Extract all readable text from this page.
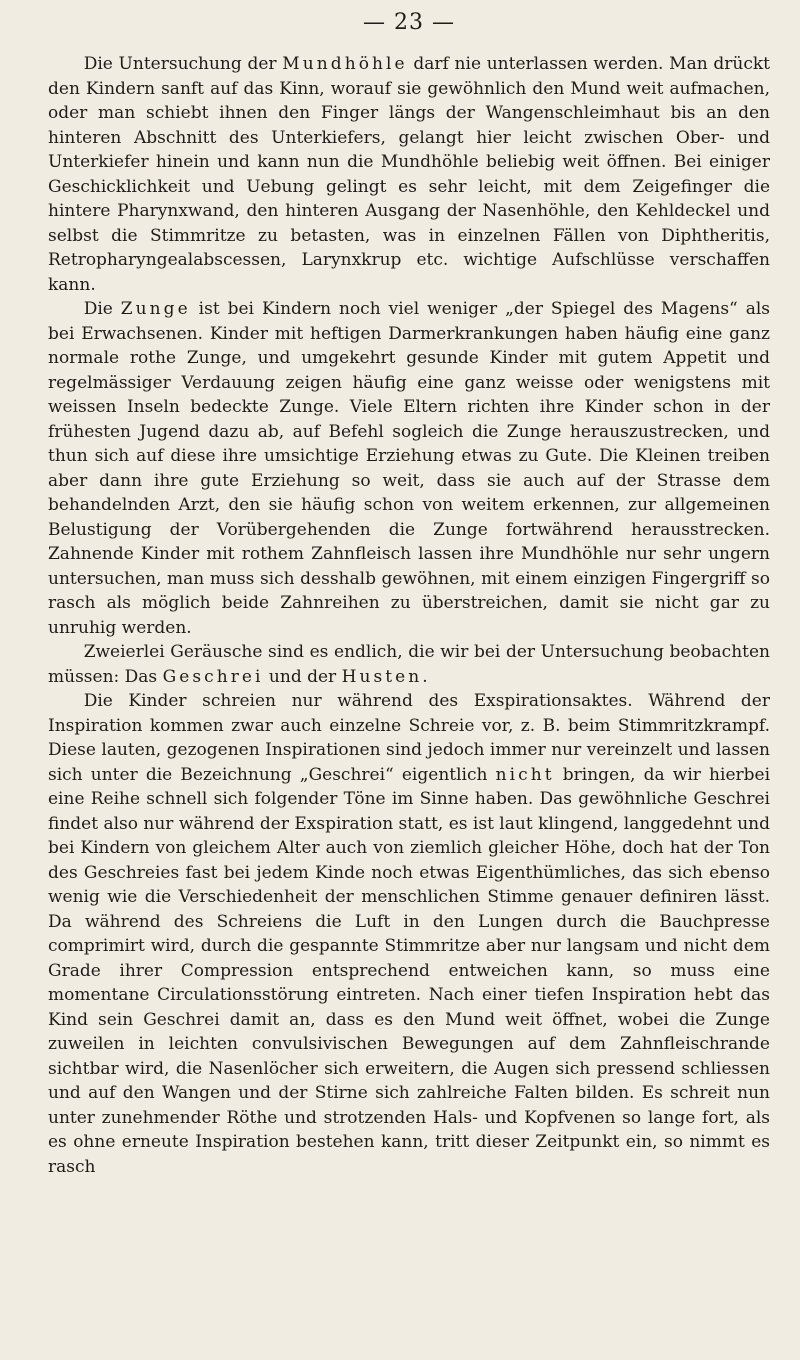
— 23 —

Die Untersuchung der Mundhöhle darf nie unterlassen werden. Man drückt den Kindern sanft auf das Kinn, worauf sie gewöhnlich den Mund weit aufmachen, oder man schiebt ihnen den Finger längs der Wangenschleimhaut bis an den hinteren Abschnitt des Unterkiefers, gelangt hier leicht zwischen Ober- und Unterkiefer hinein und kann nun die Mundhöhle beliebig weit öffnen. Bei einiger Geschicklichkeit und Uebung gelingt es sehr leicht, mit dem Zeigefinger die hintere Pharynxwand, den hinteren Ausgang der Nasenhöhle, den Kehldeckel und selbst die Stimmritze zu betasten, was in einzelnen Fällen von Diphtheritis, Retropharyngealabscessen, Larynxkrup etc. wichtige Aufschlüsse verschaffen kann.

Die Zunge ist bei Kindern noch viel weniger „der Spiegel des Magens“ als bei Erwachsenen. Kinder mit heftigen Darmerkrankungen haben häufig eine ganz normale rothe Zunge, und umgekehrt gesunde Kinder mit gutem Appetit und regelmässiger Verdauung zeigen häufig eine ganz weisse oder wenigstens mit weissen Inseln bedeckte Zunge. Viele Eltern richten ihre Kinder schon in der frühesten Jugend dazu ab, auf Befehl sogleich die Zunge herauszustrecken, und thun sich auf diese ihre umsichtige Erziehung etwas zu Gute. Die Kleinen treiben aber dann ihre gute Erziehung so weit, dass sie auch auf der Strasse dem behandelnden Arzt, den sie häufig schon von weitem erkennen, zur allgemeinen Belustigung der Vorübergehenden die Zunge fortwährend herausstrecken. Zahnende Kinder mit rothem Zahnfleisch lassen ihre Mundhöhle nur sehr ungern untersuchen, man muss sich desshalb gewöhnen, mit einem einzigen Fingergriff so rasch als möglich beide Zahnreihen zu überstreichen, damit sie nicht gar zu unruhig werden.

Zweierlei Geräusche sind es endlich, die wir bei der Untersuchung beobachten müssen: Das Geschrei und der Husten.

Die Kinder schreien nur während des Exspirationsaktes. Während der Inspiration kommen zwar auch einzelne Schreie vor, z. B. beim Stimmritzkrampf. Diese lauten, gezogenen Inspirationen sind jedoch immer nur vereinzelt und lassen sich unter die Bezeichnung „Geschrei“ eigentlich nicht bringen, da wir hierbei eine Reihe schnell sich folgender Töne im Sinne haben. Das gewöhnliche Geschrei findet also nur während der Exspiration statt, es ist laut klingend, langgedehnt und bei Kindern von gleichem Alter auch von ziemlich gleicher Höhe, doch hat der Ton des Geschreies fast bei jedem Kinde noch etwas Eigenthümliches, das sich ebenso wenig wie die Verschiedenheit der menschlichen Stimme genauer definiren lässt. Da während des Schreiens die Luft in den Lungen durch die Bauchpresse comprimirt wird, durch die gespannte Stimmritze aber nur langsam und nicht dem Grade ihrer Compression entsprechend entweichen kann, so muss eine momentane Circulationsstörung eintreten. Nach einer tiefen Inspiration hebt das Kind sein Geschrei damit an, dass es den Mund weit öffnet, wobei die Zunge zuweilen in leichten convulsivischen Bewegungen auf dem Zahnfleischrande sichtbar wird, die Nasenlöcher sich erweitern, die Augen sich pressend schliessen und auf den Wangen und der Stirne sich zahlreiche Falten bilden. Es schreit nun unter zunehmender Röthe und strotzenden Hals- und Kopfvenen so lange fort, als es ohne erneute Inspiration bestehen kann, tritt dieser Zeitpunkt ein, so nimmt es rasch
